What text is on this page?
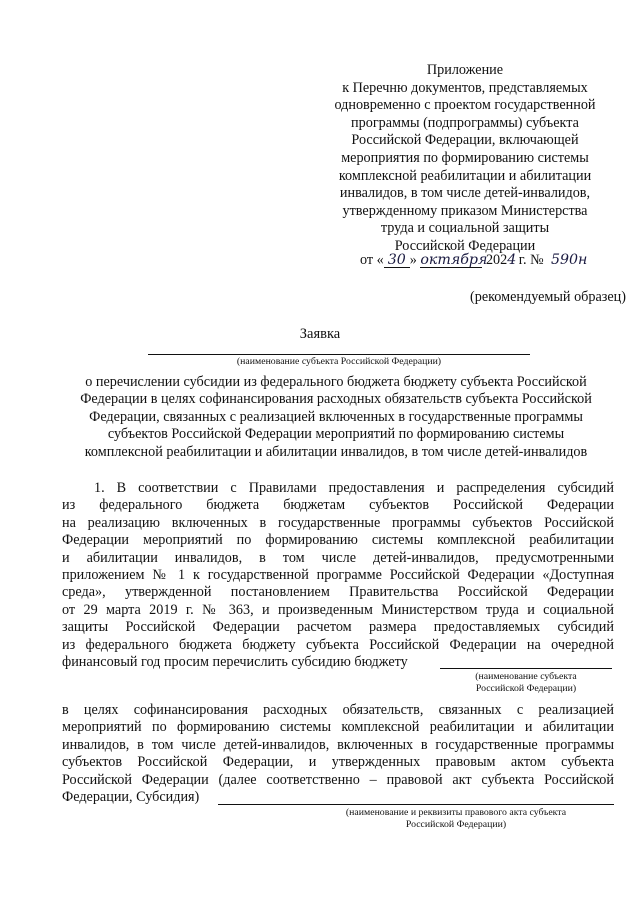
Приложение
к Перечню документов, представляемых
одновременно с проектом государственной
программы (подпрограммы) субъекта
Российской Федерации, включающей
мероприятия по формированию системы
комплексной реабилитации и абилитации
инвалидов, в том числе детей-инвалидов,
утвержденному приказом Министерства
труда и социальной защиты
Российской Федерации
от « 30 » октября 2024 г. № 590н
(рекомендуемый образец)
Заявка
(наименование субъекта Российской Федерации)
о перечислении субсидии из федерального бюджета бюджету субъекта Российской
Федерации в целях софинансирования расходных обязательств субъекта Российской
Федерации, связанных с реализацией включенных в государственные программы
субъектов Российской Федерации мероприятий по формированию системы
комплексной реабилитации и абилитации инвалидов, в том числе детей-инвалидов
1. В соответствии с Правилами предоставления и распределения субсидий
из федерального бюджета бюджетам субъектов Российской Федерации
на реализацию включенных в государственные программы субъектов Российской
Федерации мероприятий по формированию системы комплексной реабилитации
и абилитации инвалидов, в том числе детей-инвалидов, предусмотренными
приложением № 1 к государственной программе Российской Федерации «Доступная
среда», утвержденной постановлением Правительства Российской Федерации
от 29 марта 2019 г. № 363, и произведенным Министерством труда и социальной
защиты Российской Федерации расчетом размера предоставляемых субсидий
из федерального бюджета бюджету субъекта Российской Федерации на очередной
финансовый год просим перечислить субсидию бюджету
(наименование субъекта
Российской Федерации)
в целях софинансирования расходных обязательств, связанных с реализацией
мероприятий по формированию системы комплексной реабилитации и абилитации
инвалидов, в том числе детей-инвалидов, включенных в государственные программы
субъектов Российской Федерации, и утвержденных правовым актом субъекта
Российской Федерации (далее соответственно – правовой акт субъекта Российской
Федерации, Субсидия)
(наименование и реквизиты правового акта субъекта
Российской Федерации)
